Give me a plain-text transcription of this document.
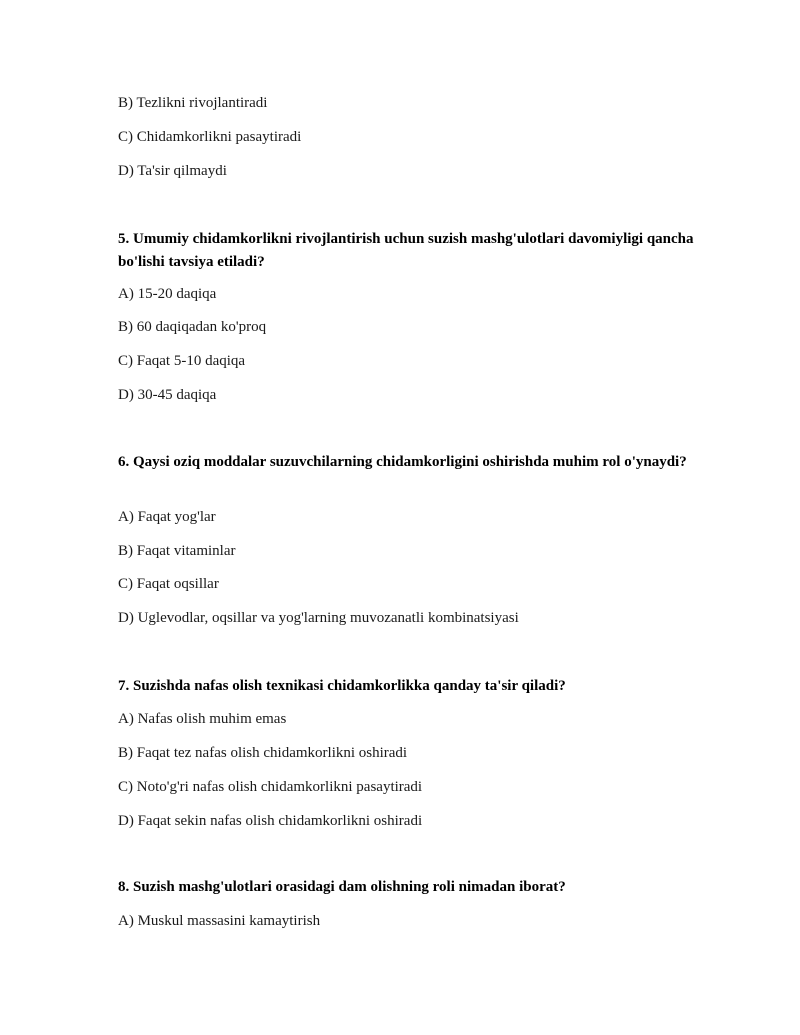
B) Tezlikni rivojlantiradi
C) Chidamkorlikni pasaytiradi
D) Ta'sir qilmaydi
5. Umumiy chidamkorlikni rivojlantirish uchun suzish mashg'ulotlari davomiyligi qancha bo'lishi tavsiya etiladi?
A) 15-20 daqiqa
B) 60 daqiqadan ko'proq
C) Faqat 5-10 daqiqa
D) 30-45 daqiqa
6. Qaysi oziq moddalar suzuvchilarning chidamkorligini oshirishda muhim rol o'ynaydi?
A) Faqat yog'lar
B) Faqat vitaminlar
C) Faqat oqsillar
D) Uglevodlar, oqsillar va yog'larning muvozanatli kombinatsiyasi
7. Suzishda nafas olish texnikasi chidamkorlikka qanday ta'sir qiladi?
A) Nafas olish muhim emas
B) Faqat tez nafas olish chidamkorlikni oshiradi
C) Noto'g'ri nafas olish chidamkorlikni pasaytiradi
D) Faqat sekin nafas olish chidamkorlikni oshiradi
8. Suzish mashg'ulotlari orasidagi dam olishning roli nimadan iborat?
A) Muskul massasini kamaytirish
